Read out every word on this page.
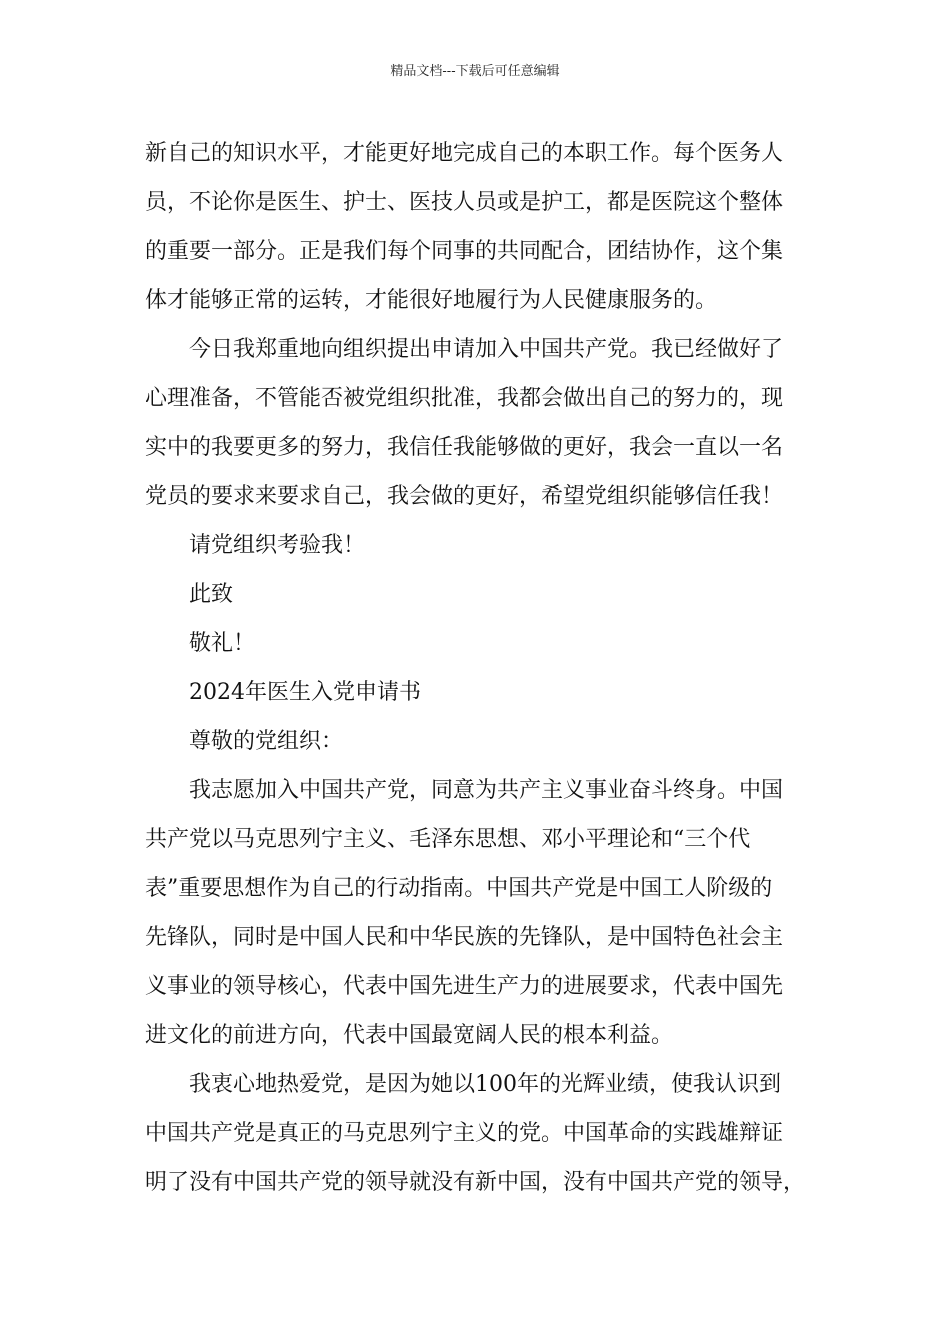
精品文档---下载后可任意编辑

新自己的知识水平，才能更好地完成自己的本职工作。每个医务人

员，不论你是医生、护士、医技人员或是护工，都是医院这个整体

的重要一部分。正是我们每个同事的共同配合，团结协作，这个集

体才能够正常的运转，才能很好地履行为人民健康服务的。

今日我郑重地向组织提出申请加入中国共产党。我已经做好了

心理准备，不管能否被党组织批准，我都会做出自己的努力的，现

实中的我要更多的努力，我信任我能够做的更好，我会一直以一名

党员的要求来要求自己，我会做的更好，希望党组织能够信任我！

请党组织考验我！

此致

敬礼！

2024年医生入党申请书

尊敬的党组织：

我志愿加入中国共产党，同意为共产主义事业奋斗终身。中国

共产党以马克思列宁主义、毛泽东思想、邓小平理论和“三个代

表”重要思想作为自己的行动指南。中国共产党是中国工人阶级的

先锋队，同时是中国人民和中华民族的先锋队，是中国特色社会主

义事业的领导核心，代表中国先进生产力的进展要求，代表中国先

进文化的前进方向，代表中国最宽阔人民的根本利益。

我衷心地热爱党，是因为她以100年的光辉业绩，使我认识到

中国共产党是真正的马克思列宁主义的党。中国革命的实践雄辩证

明了没有中国共产党的领导就没有新中国，没有中国共产党的领导，
